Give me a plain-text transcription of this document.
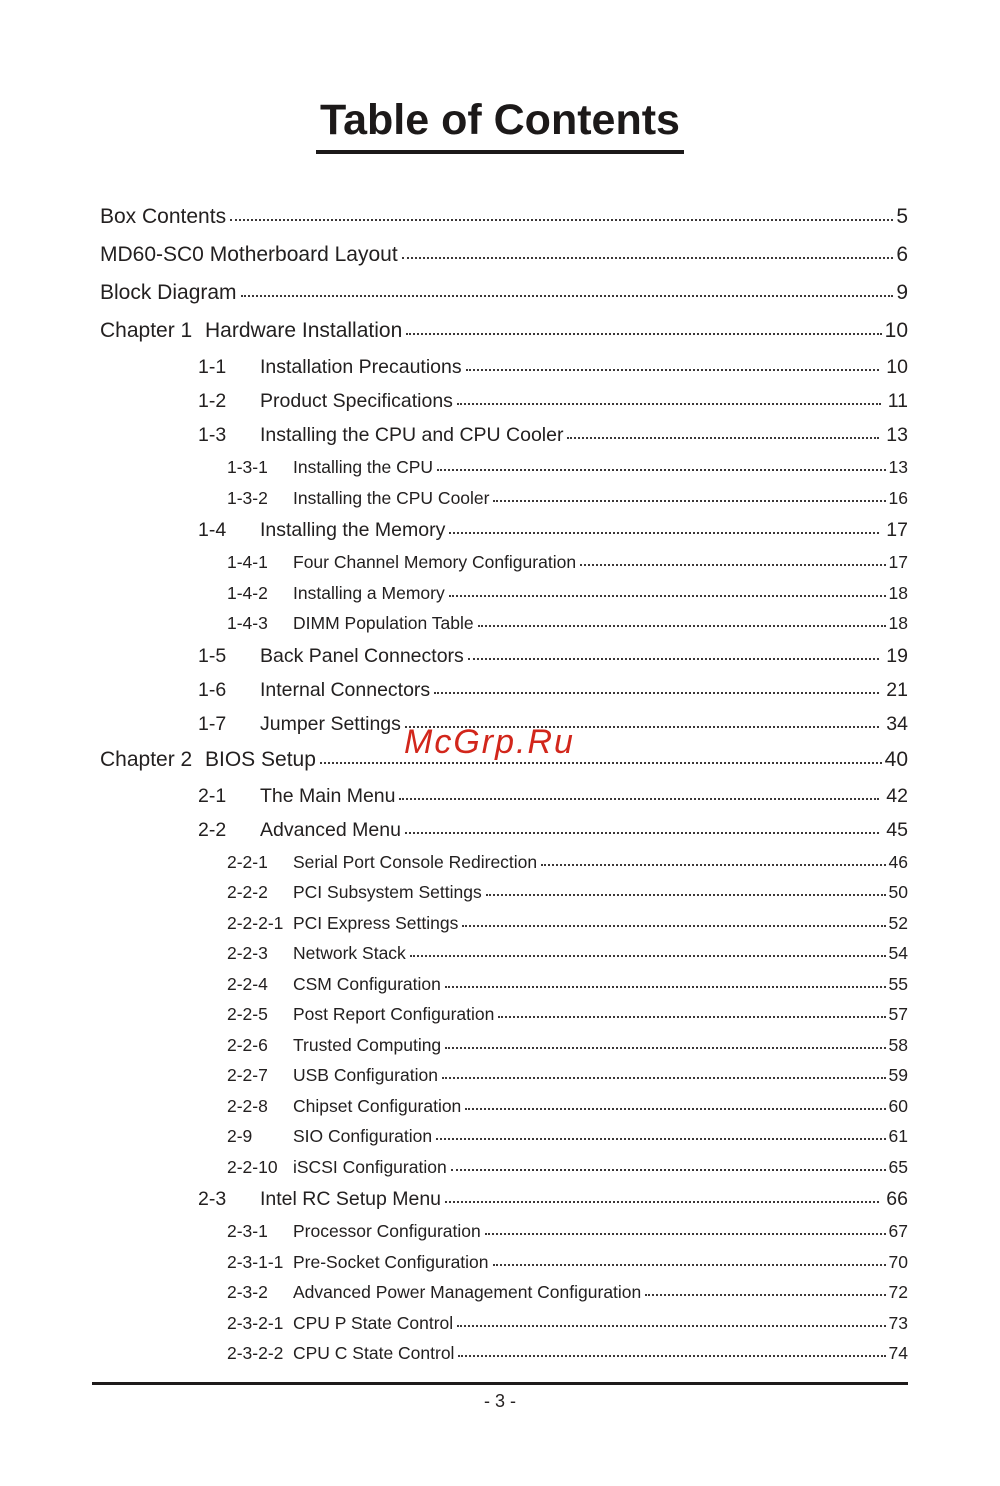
Table of Contents
Box Contents	5
MD60-SC0 Motherboard Layout	6
Block Diagram	9
Chapter 1 Hardware Installation	10
1-1	Installation Precautions	10
1-2	Product Specifications	11
1-3	Installing the CPU and CPU Cooler	13
1-3-1	Installing the CPU	13
1-3-2	Installing the CPU Cooler	16
1-4	Installing the Memory	17
1-4-1	Four Channel Memory Configuration	17
1-4-2	Installing a Memory	18
1-4-3	DIMM Population Table	18
1-5	Back Panel Connectors	19
1-6	Internal Connectors	21
1-7	Jumper Settings	34
Chapter 2 BIOS Setup	40
2-1	The Main Menu	42
2-2	Advanced Menu	45
2-2-1	Serial Port Console Redirection	46
2-2-2	PCI Subsystem Settings	50
2-2-2-1 PCI Express Settings	52
2-2-3	Network Stack	54
2-2-4	CSM Configuration	55
2-2-5	Post Report Configuration	57
2-2-6	Trusted Computing	58
2-2-7	USB Configuration	59
2-2-8	Chipset Configuration	60
2-9	SIO Configuration	61
2-2-10 iSCSI Configuration	65
2-3	Intel RC Setup Menu	66
2-3-1	Processor Configuration	67
2-3-1-1 Pre-Socket Configuration	70
2-3-2	Advanced Power Management Configuration	72
2-3-2-1 CPU P State Control	73
2-3-2-2 CPU C State Control	74
McGrp.Ru
- 3 -
